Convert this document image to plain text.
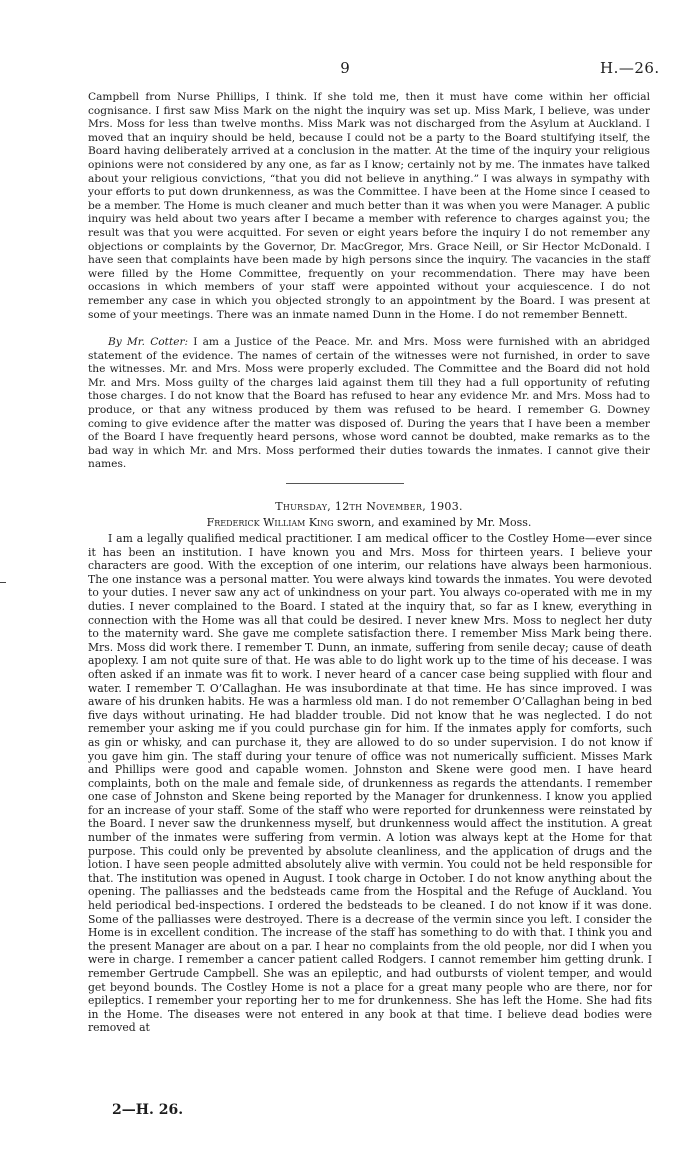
9	H.—26.

Campbell from Nurse Phillips, I think. If she told me, then it must have come within her official cognisance. I first saw Miss Mark on the night the inquiry was set up. Miss Mark, I believe, was under Mrs. Moss for less than twelve months. Miss Mark was not discharged from the Asylum at Auckland. I moved that an inquiry should be held, because I could not be a party to the Board stultifying itself, the Board having deliberately arrived at a conclusion in the matter. At the time of the inquiry your religious opinions were not considered by any one, as far as I know; certainly not by me. The inmates have talked about your religious convictions, “that you did not believe in anything.” I was always in sympathy with your efforts to put down drunkenness, as was the Committee. I have been at the Home since I ceased to be a member. The Home is much cleaner and much better than it was when you were Manager. A public inquiry was held about two years after I became a member with reference to charges against you; the result was that you were acquitted. For seven or eight years before the inquiry I do not remember any objections or complaints by the Governor, Dr. MacGregor, Mrs. Grace Neill, or Sir Hector McDonald. I have seen that complaints have been made by high persons since the inquiry. The vacancies in the staff were filled by the Home Committee, frequently on your recommendation. There may have been occasions in which members of your staff were appointed without your acquiescence. I do not remember any case in which you objected strongly to an appointment by the Board. I was present at some of your meetings. There was an inmate named Dunn in the Home. I do not remember Bennett.

By Mr. Cotter: I am a Justice of the Peace. Mr. and Mrs. Moss were furnished with an abridged statement of the evidence. The names of certain of the witnesses were not furnished, in order to save the witnesses. Mr. and Mrs. Moss were properly excluded. The Committee and the Board did not hold Mr. and Mrs. Moss guilty of the charges laid against them till they had a full opportunity of refuting those charges. I do not know that the Board has refused to hear any evidence Mr. and Mrs. Moss had to produce, or that any witness produced by them was refused to be heard. I remember G. Downey coming to give evidence after the matter was disposed of. During the years that I have been a member of the Board I have frequently heard persons, whose word cannot be doubted, make remarks as to the bad way in which Mr. and Mrs. Moss performed their duties towards the inmates. I cannot give their names.

Thursday, 12th November, 1903.
Frederick William King sworn, and examined by Mr. Moss.

I am a legally qualified medical practitioner. I am medical officer to the Costley Home—ever since it has been an institution. I have known you and Mrs. Moss for thirteen years. I believe your characters are good. With the exception of one interim, our relations have always been harmonious. The one instance was a personal matter. You were always kind towards the inmates. You were devoted to your duties. I never saw any act of unkindness on your part. You always co-operated with me in my duties. I never complained to the Board. I stated at the inquiry that, so far as I knew, everything in connection with the Home was all that could be desired. I never knew Mrs. Moss to neglect her duty to the maternity ward. She gave me complete satisfaction there. I remember Miss Mark being there. Mrs. Moss did work there. I remember T. Dunn, an inmate, suffering from senile decay; cause of death apoplexy. I am not quite sure of that. He was able to do light work up to the time of his decease. I was often asked if an inmate was fit to work. I never heard of a cancer case being supplied with flour and water. I remember T. O’Callaghan. He was insubordinate at that time. He has since improved. I was aware of his drunken habits. He was a harmless old man. I do not remember O’Callaghan being in bed five days without urinating. He had bladder trouble. Did not know that he was neglected. I do not remember your asking me if you could purchase gin for him. If the inmates apply for comforts, such as gin or whisky, and can purchase it, they are allowed to do so under supervision. I do not know if you gave him gin. The staff during your tenure of office was not numerically sufficient. Misses Mark and Phillips were good and capable women. Johnston and Skene were good men. I have heard complaints, both on the male and female side, of drunkenness as regards the attendants. I remember one case of Johnston and Skene being reported by the Manager for drunkenness. I know you applied for an increase of your staff. Some of the staff who were reported for drunkenness were reinstated by the Board. I never saw the drunkenness myself, but drunkenness would affect the institution. A great number of the inmates were suffering from vermin. A lotion was always kept at the Home for that purpose. This could only be prevented by absolute cleanliness, and the application of drugs and the lotion. I have seen people admitted absolutely alive with vermin. You could not be held responsible for that. The institution was opened in August. I took charge in October. I do not know anything about the opening. The palliasses and the bedsteads came from the Hospital and the Refuge of Auckland. You held periodical bed-inspections. I ordered the bedsteads to be cleaned. I do not know if it was done. Some of the palliasses were destroyed. There is a decrease of the vermin since you left. I consider the Home is in excellent condition. The increase of the staff has something to do with that. I think you and the present Manager are about on a par. I hear no complaints from the old people, nor did I when you were in charge. I remember a cancer patient called Rodgers. I cannot remember him getting drunk. I remember Gertrude Campbell. She was an epileptic, and had outbursts of violent temper, and would get beyond bounds. The Costley Home is not a place for a great many people who are there, nor for epileptics. I remember your reporting her to me for drunkenness. She has left the Home. She had fits in the Home. The diseases were not entered in any book at that time. I believe dead bodies were removed at

2—H. 26.
